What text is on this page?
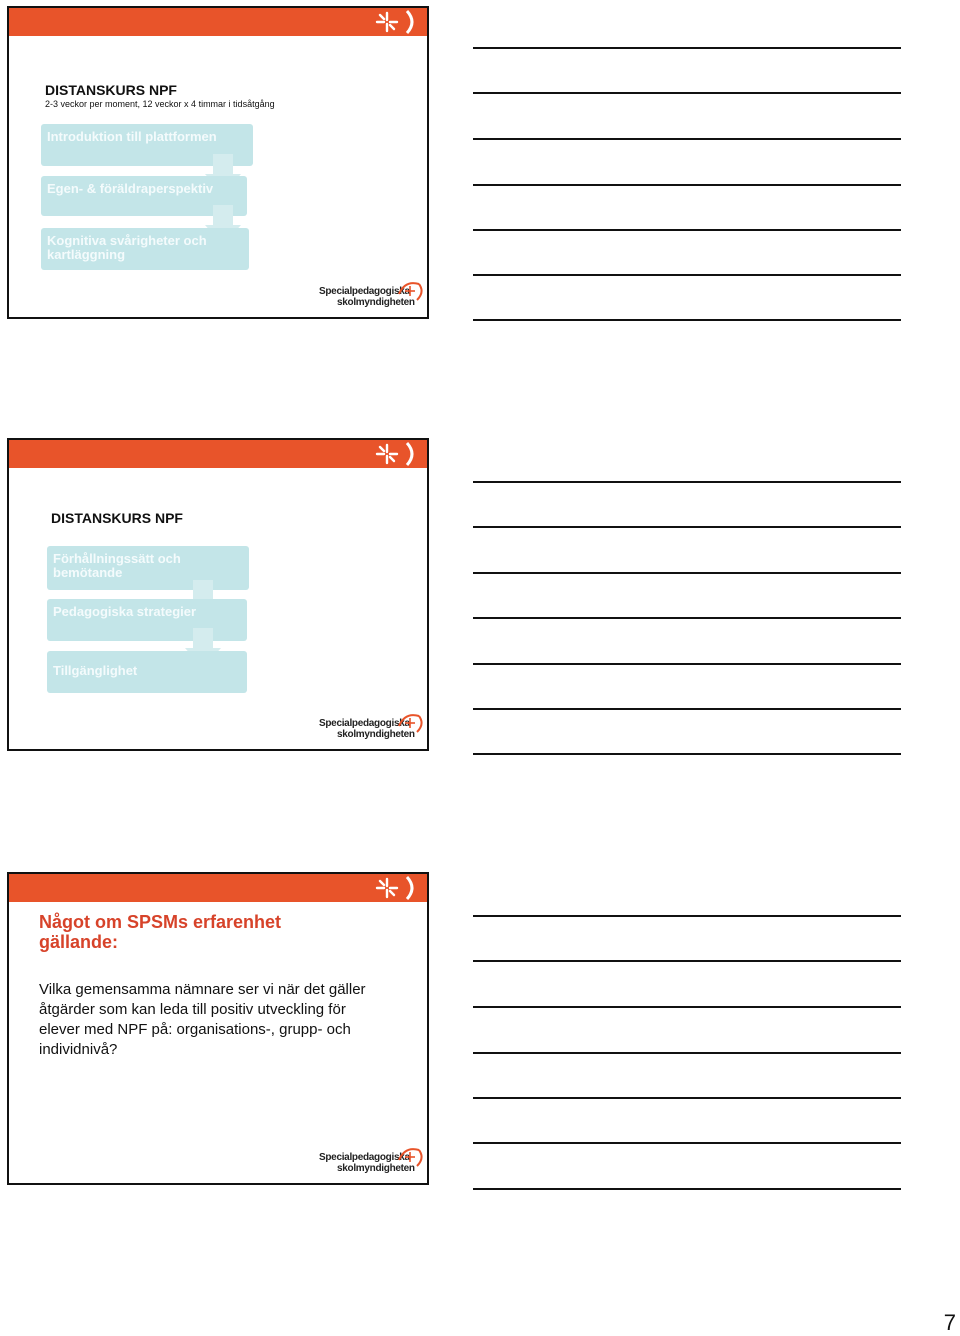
DISTANSKURS NPF
2-3 veckor per moment, 12 veckor x 4 timmar i tidsåtgång
Introduktion till plattformen
Egen- & föräldraperspektiv
Kognitiva svårigheter och kartläggning
Specialpedagogiska
skolmyndigheten
DISTANSKURS NPF
Förhållningssätt och bemötande
Pedagogiska strategier
Tillgänglighet
Specialpedagogiska
skolmyndigheten
Något om SPSMs erfarenhet gällande:
Vilka gemensamma nämnare ser vi när det gäller åtgärder som kan leda till positiv utveckling för elever med NPF på: organisations-, grupp- och individnivå?
Specialpedagogiska
skolmyndigheten
7
